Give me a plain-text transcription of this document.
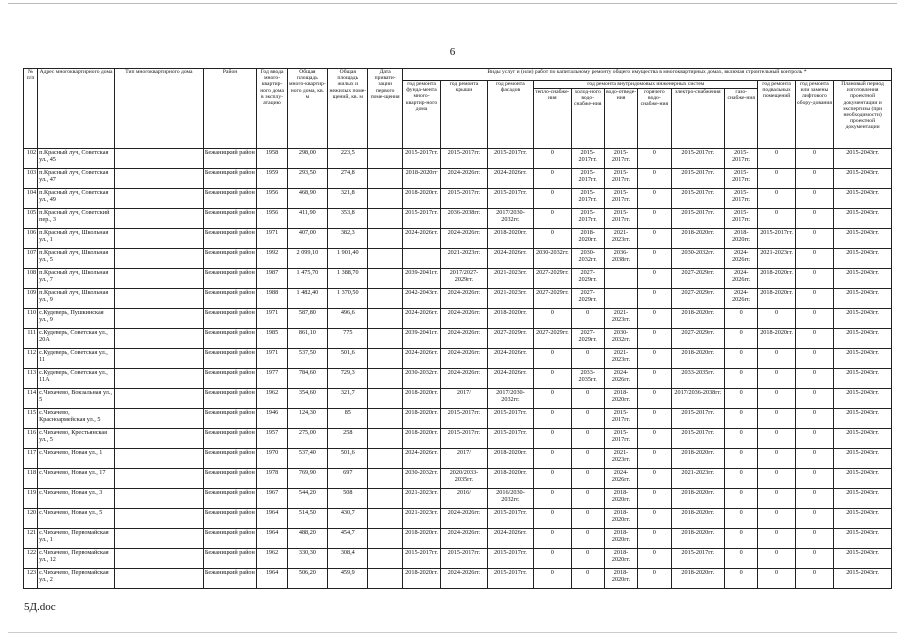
6
№ п/п	Адрес многоквартирного дома	Тип многоквартирного дома	Район	Год ввода много-квартир-ного дома в эксплу-атацию	Общая площадь много-квартир-ного дома, кв. м	Общая площадь жилых и нежилых поме-щений, кв. м	Дата привати-зации первого поме-щения	Виды услуг и (или) работ по капитальному ремонту общего имущества в многоквартирных домах, включая строительный контроль *											
								год ремонта фунда-мента много-квартир-ного дома	год ремонта крыши	год ремонта фасадов	год ремонта внутридомовых инженерных систем						год ремонта подвальных помещений	год ремонта или замены лифтового обору-дования	Плановый период изготовления проектной документации и экспертизы (при необходимости) проектной документации
											тепло-снабже-ния	холод-ного водо-снабже-ния	водо-отведе-ния	горячего водо-снабже-ния	электро-снабжения	газо-снабже-ния			
102	п.Красный луч, Советская ул., 45		Бежаницкий район	1958	298,00	223,5		2015-2017гг.	2015-2017гг.	2015-2017гг.	0	2015-2017гг.	2015-2017гг.	0	2015-2017гг.	2015-2017гг.	0	0	2015-2043гг.
103	п.Красный луч, Советская ул., 47		Бежаницкий район	1959	293,50	274,8		2018-2020гг	2024-2026гг.	2024-2026гг.	0	2015-2017гг.	2015-2017гг.	0	2015-2017гг.	2015-2017гг.	0	0	2015-2043гг.
104	п.Красный луч, Советская ул., 49		Бежаницкий район	1956	468,90	321,8		2018-2020гг.	2015-2017гг.	2015-2017гг.	0	2015-2017гг.	2015-2017гг.	0	2015-2017гг.	2015-2017гг.	0	0	2015-2043гг.
105	п.Красный луч, Советский пер., 3		Бежаницкий район	1956	411,90	353,8		2015-2017гг.	2036-2038гг.	2017/2030-2032гг.	0	2015-2017гг.	2015-2017гг.	0	2015-2017гг.	2015-2017гг.	0	0	2015-2043гг.
106	п.Красный луч, Школьная ул., 1		Бежаницкий район	1971	407,00	382,3		2024-2026гг.	2024-2026гг.	2018-2020гг.	0	2018-2020гг.	2021-2023гг.	0	2018-2020гг.	2018-2020гг.	2015-2017гг.	0	2015-2043гг.
107	п.Красный луч, Школьная ул., 5		Бежаницкий район	1992	2 099,10	1 901,40			2021-2023гг.	2024-2026гг.	2030-2032гг.	2030-2032гг.	2036-2038гг.	0	2030-2032гг.	2024-2026гг.	2021-2023гг.	0	2015-2043гг.
108	п.Красный луч, Школьная ул., 7		Бежаницкий район	1987	1 475,70	1 388,70		2039-2041гг.	2017/2027-2029гг.	2021-2023гг.	2027-2029гг.	2027-2029гг.		0	2027-2029гг.	2024-2026гг.	2018-2020гг.	0	2015-2043гг.
109	п.Красный луч, Школьная ул., 9		Бежаницкий район	1988	1 482,40	1 370,50		2042-2043гг.	2024-2026гг.	2021-2023гг.	2027-2029гг.	2027-2029гг.		0	2027-2029гг.	2024-2026гг.	2018-2020гг.	0	2015-2043гг.
110	с.Кудеверь, Пушкинская ул., 9		Бежаницкий район	1971	587,80	496,6		2024-2026гг.	2024-2026гг.	2018-2020гг.	0	0	2021-2023гг.	0	2018-2020гг.	0	0	0	2015-2043гг.
111	с.Кудеверь, Советская ул., 20А		Бежаницкий район	1985	861,10	775		2039-2041гг.	2024-2026гг.	2027-2029гг.	2027-2029гг.	2027-2029гг.	2030-2032гг.	0	2027-2029гг.	0	2018-2020гг.	0	2015-2043гг.
112	с.Кудеверь, Советская ул., 11		Бежаницкий район	1971	537,50	501,6		2024-2026гг.	2024-2026гг.	2024-2026гг.	0	0	2021-2023гг.	0	2018-2020гг.	0	0	0	2015-2043гг.
113	с.Кудеверь, Советская ул., 11А		Бежаницкий район	1977	784,60	729,3		2030-2032гг.	2024-2026гг.	2024-2026гг.	0	2033-2035гг.	2024-2026гг.	0	2033-2035гг.	0	0	0	2015-2043гг.
114	с.Чихачево, Вокзальная ул., 5		Бежаницкий район	1962	354,60	321,7		2018-2020гг.	2017/	2017/2030-2032гг.	0	0	2018-2020гг.	0	2017/2036-2038гг.	0	0	0	2015-2043гг.
115	с.Чихачево, Красноармейская ул., 5		Бежаницкий район	1946	124,30	85		2018-2020гг.	2015-2017гг.	2015-2017гг.	0	0	2015-2017гг.	0	2015-2017гг.	0	0	0	2015-2043гг.
116	с.Чихачево, Крестьянская ул., 5		Бежаницкий район	1957	275,00	258		2018-2020гг.	2015-2017гг.	2015-2017гг.	0	0	2015-2017гг.	0	2015-2017гг.	0	0	0	2015-2043гг.
117	с.Чихачево, Новая ул., 1		Бежаницкий район	1970	537,40	501,6		2024-2026гг.	2017/	2018-2020гг.	0	0	2021-2023гг.	0	2018-2020гг.	0	0	0	2015-2043гг.
118	с.Чихачево, Новая ул., 17		Бежаницкий район	1978	769,90	697		2030-2032гг.	2020/2033-2035гг.	2018-2020гг.	0	0	2024-2026гг.	0	2021-2023гг.	0	0	0	2015-2043гг.
119	с.Чихачево, Новая ул., 3		Бежаницкий район	1967	544,20	508		2021-2023гг.	2016/	2016/2030-2032гг.	0	0	2018-2020гг.	0	2018-2020гг.	0	0	0	2015-2043гг.
120	с.Чихачево, Новая ул., 5		Бежаницкий район	1964	514,50	430,7		2021-2023гг.	2024-2026гг.	2015-2017гг.	0	0	2018-2020гг.	0	2018-2020гг.	0	0	0	2015-2043гг.
121	с.Чихачево, Первомайская ул., 1		Бежаницкий район	1964	488,20	454,7		2018-2020гг.	2024-2026гг.	2024-2026гг.	0	0	2018-2020гг.	0	2018-2020гг.	0	0	0	2015-2043гг.
122	с.Чихачево, Первомайская ул., 12		Бежаницкий район	1962	330,30	308,4		2015-2017гг.	2015-2017гг.	2015-2017гг.	0	0	2018-2020гг.	0	2015-2017гг.	0	0	0	2015-2043гг.
123	с.Чихачево, Первомайская ул., 2		Бежаницкий район	1964	506,20	459,9		2018-2020гг.	2024-2026гг.	2015-2017гг.	0	0	2018-2020гг.	0	2018-2020гг.	0	0	0	2015-2043гг.
5Д.doc
